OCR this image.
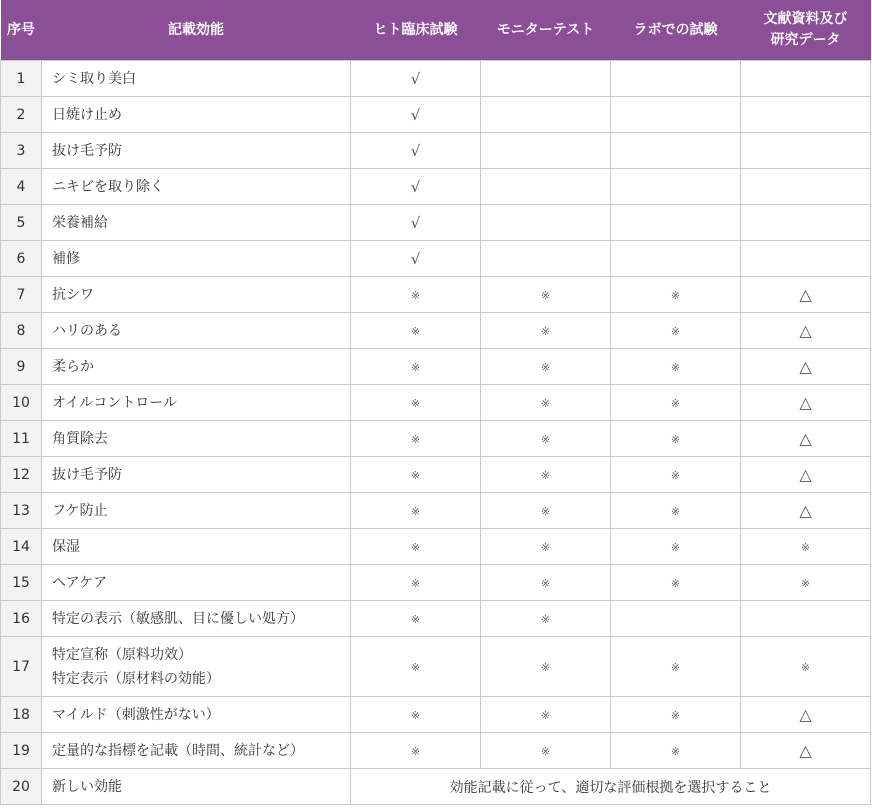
序号	記載効能	ヒト臨床試験	モニターテスト	ラボでの試験	文献資料及び
研究データ
1	シミ取り美白	√			
2	日焼け止め	√			
3	抜け毛予防	√			
4	ニキビを取り除く	√			
5	栄養補給	√			
6	補修	√			
7	抗シワ	※	※	※	△
8	ハリのある	※	※	※	△
9	柔らか	※	※	※	△
10	オイルコントロール	※	※	※	△
11	角質除去	※	※	※	△
12	抜け毛予防	※	※	※	△
13	フケ防止	※	※	※	△
14	保湿	※	※	※	※
15	ヘアケア	※	※	※	※
16	特定の表示（敏感肌、目に優しい処方）	※	※		
17	特定宣称（原料功效）
特定表示（原材料の効能）	※	※	※	※
18	マイルド（刺激性がない）	※	※	※	△
19	定量的な指標を記載（時間、統計など）	※	※	※	△
20	新しい効能	効能記載に従って、適切な評価根拠を選択すること			
